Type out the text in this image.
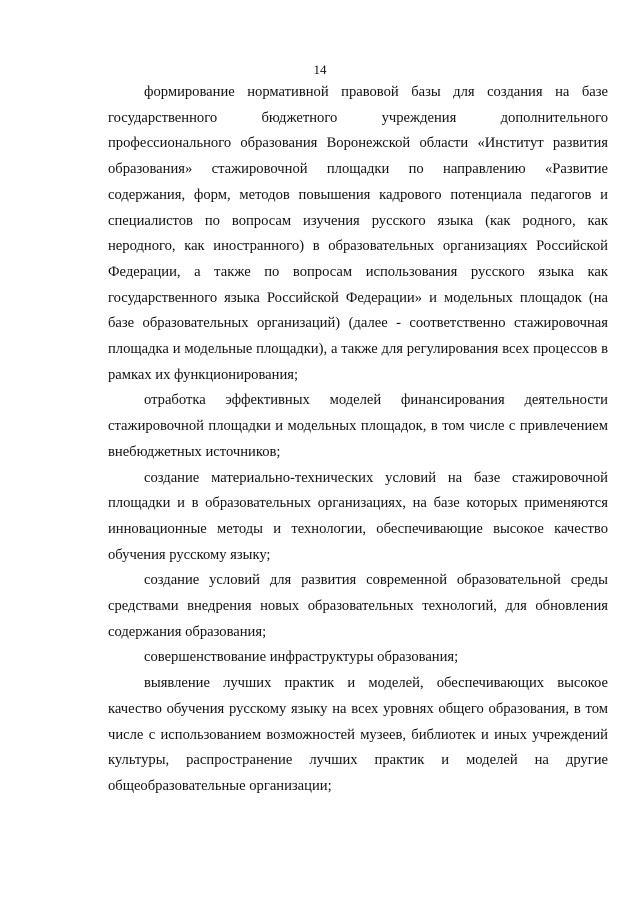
14

формирование нормативной правовой базы для создания на базе государственного бюджетного учреждения дополнительного профессионального образования Воронежской области «Институт развития образования» стажировочной площадки по направлению «Развитие содержания, форм, методов повышения кадрового потенциала педагогов и специалистов по вопросам изучения русского языка (как родного, как неродного, как иностранного) в образовательных организациях Российской Федерации, а также по вопросам использования русского языка как государственного языка Российской Федерации» и модельных площадок (на базе образовательных организаций) (далее - соответственно стажировочная площадка и модельные площадки), а также для регулирования всех процессов в рамках их функционирования;

отработка эффективных моделей финансирования деятельности стажировочной площадки и модельных площадок, в том числе с привлечением внебюджетных источников;

создание материально-технических условий на базе стажировочной площадки и в образовательных организациях, на базе которых применяются инновационные методы и технологии, обеспечивающие высокое качество обучения русскому языку;

создание условий для развития современной образовательной среды средствами внедрения новых образовательных технологий, для обновления содержания образования;

совершенствование инфраструктуры образования;

выявление лучших практик и моделей, обеспечивающих высокое качество обучения русскому языку на всех уровнях общего образования, в том числе с использованием возможностей музеев, библиотек и иных учреждений культуры, распространение лучших практик и моделей на другие общеобразовательные организации;
